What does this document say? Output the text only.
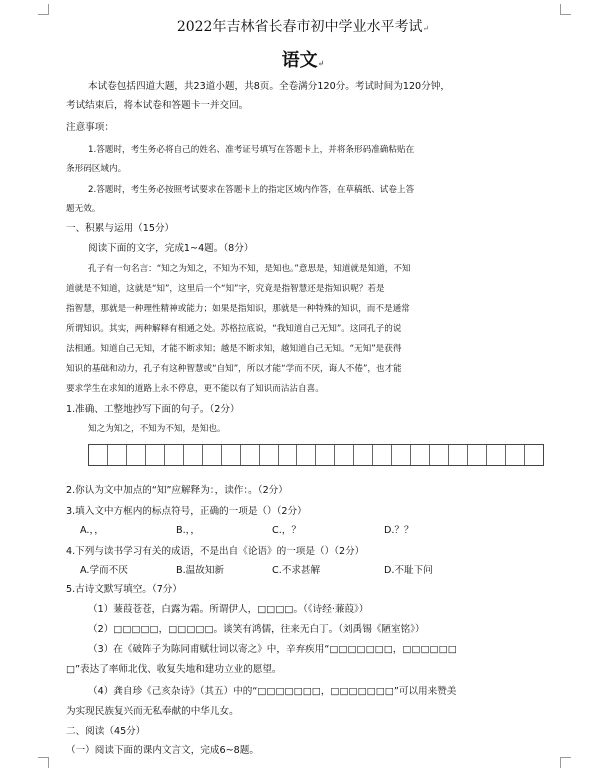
2022年吉林省长春市初中学业水平考试↵
语文↵
本试卷包括四道大题，共23道小题，共8页。全卷满分120分。考试时间为120分钟，
考试结束后，将本试卷和答题卡一并交回。
注意事项：
1.答题时，考生务必将自己的姓名、准考证号填写在答题卡上，并将条形码准确粘贴在
条形码区域内。
2.答题时，考生务必按照考试要求在答题卡上的指定区域内作答，在草稿纸、试卷上答
题无效。
一、积累与运用（15分）
阅读下面的文字，完成1~4题。（8分）
孔子有一句名言：“知之为知之，不知为不知，是知也。”意思是，知道就是知道，不知
道就是不知道，这就是“知”，这里后一个“知”字，究竟是指智慧还是指知识呢？若是
指智慧，那就是一种理性精神或能力；如果是指知识，那就是一种特殊的知识，而不是通常
所谓知识。其实，两种解释有相通之处。苏格拉底说，“我知道自己无知”。这同孔子的说
法相通。知道自己无知，才能不断求知；越是不断求知，越知道自己无知。“无知”是获得
知识的基础和动力，孔子有这种智慧或“自知”，所以才能“学而不厌，诲人不倦”，也才能
要求学生在求知的道路上永不停息，更不能以有了知识而沾沾自喜。
1.准确、工整地抄写下面的句子。（2分）
知之为知之，不知为不知，是知也。
2.你认为文中加点的“知”应解释为：，读作：。（2分）
3.填入文中方框内的标点符号，正确的一项是（）（2分）
A.，，	B.，，	C.，？	D.？？
4.下列与读书学习有关的成语，不是出自《论语》的一项是（）（2分）
A.学而不厌	B.温故知新	C.不求甚解	D.不耻下问
5.古诗文默写填空。（7分）
（1）蒹葭苍苍，白露为霜。所谓伊人，□□□□。（《诗经·蒹葭》）
（2）□□□□□，□□□□□。谈笑有鸿儒，往来无白丁。（刘禹锡《陋室铭》）
（3）在《破阵子为陈同甫赋壮词以寄之》中，辛弃疾用“□□□□□□□，□□□□□□
□”表达了率师北伐、收复失地和建功立业的愿望。
（4）龚自珍《己亥杂诗》（其五）中的“□□□□□□□，□□□□□□□”可以用来赞美
为实现民族复兴而无私奉献的中华儿女。
二、阅读（45分）
（一）阅读下面的课内文言文，完成6~8题。
